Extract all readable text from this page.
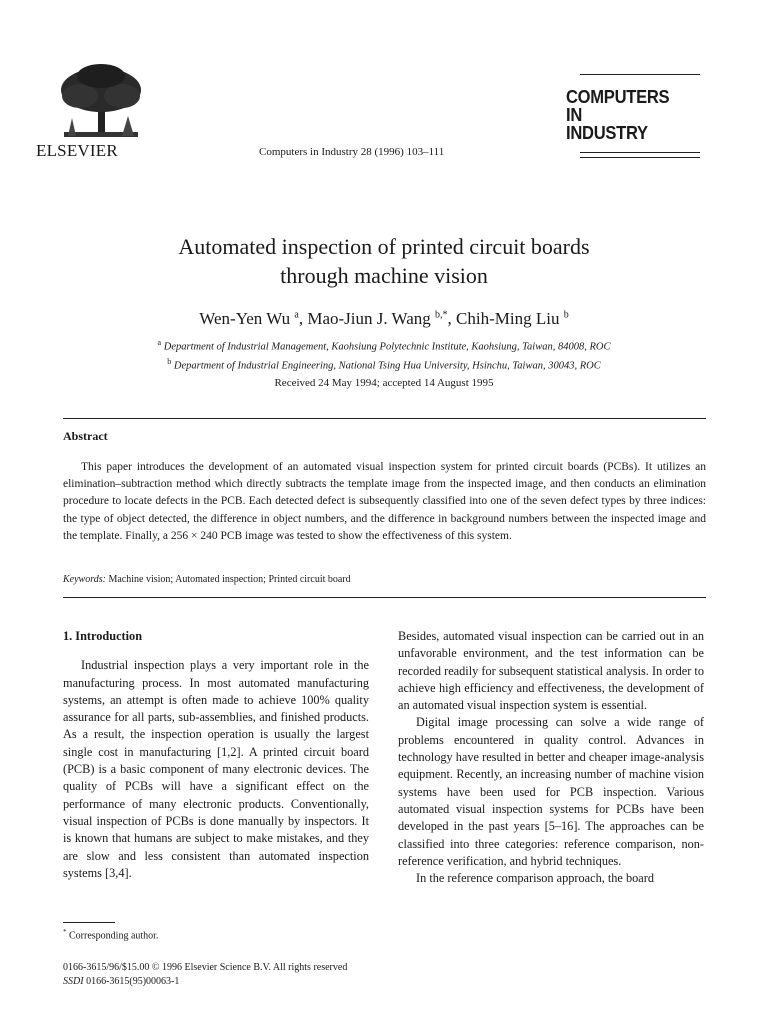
ELSEVIER	Computers in Industry 28 (1996) 103–111
COMPUTERS IN
INDUSTRY
Automated inspection of printed circuit boards
through machine vision
Wen-Yen Wu $^a$, Mao-Jiun J. Wang $^{b,*}$, Chih-Ming Liu $^b$
$^a$ Department of Industrial Management, Kaohsiung Polytechnic Institute, Kaohsiung, Taiwan, 84008, ROC
$^b$ Department of Industrial Engineering, National Tsing Hua University, Hsinchu, Taiwan, 30043, ROC
Received 24 May 1994; accepted 14 August 1995
Abstract
This paper introduces the development of an automated visual inspection system for printed circuit boards (PCBs). It utilizes an elimination–subtraction method which directly subtracts the template image from the inspected image, and then conducts an elimination procedure to locate defects in the PCB. Each detected defect is subsequently classified into one of the seven defect types by three indices: the type of object detected, the difference in object numbers, and the difference in background numbers between the inspected image and the template. Finally, a 256 × 240 PCB image was tested to show the effectiveness of this system.
Keywords: Machine vision; Automated inspection; Printed circuit board

1. Introduction

Industrial inspection plays a very important role in the manufacturing process. In most automated manufacturing systems, an attempt is often made to achieve 100% quality assurance for all parts, sub-assemblies, and finished products. As a result, the inspection operation is usually the largest single cost in manufacturing [1,2]. A printed circuit board (PCB) is a basic component of many electronic devices. The quality of PCBs will have a significant effect on the performance of many electronic products. Conventionally, visual inspection of PCBs is done manually by inspectors. It is known that humans are subject to make mistakes, and they are slow and less consistent than automated inspection systems [3,4].

Besides, automated visual inspection can be carried out in an unfavorable environment, and the test information can be recorded readily for subsequent statistical analysis. In order to achieve high efficiency and effectiveness, the development of an automated visual inspection system is essential.

Digital image processing can solve a wide range of problems encountered in quality control. Advances in technology have resulted in better and cheaper image-analysis equipment. Recently, an increasing number of machine vision systems have been used for PCB inspection. Various automated visual inspection systems for PCBs have been developed in the past years [5–16]. The approaches can be classified into three categories: reference comparison, non-reference verification, and hybrid techniques.

In the reference comparison approach, the board

* Corresponding author.
0166-3615/96/$15.00 © 1996 Elsevier Science B.V. All rights reserved
SSDI 0166-3615(95)00063-1
